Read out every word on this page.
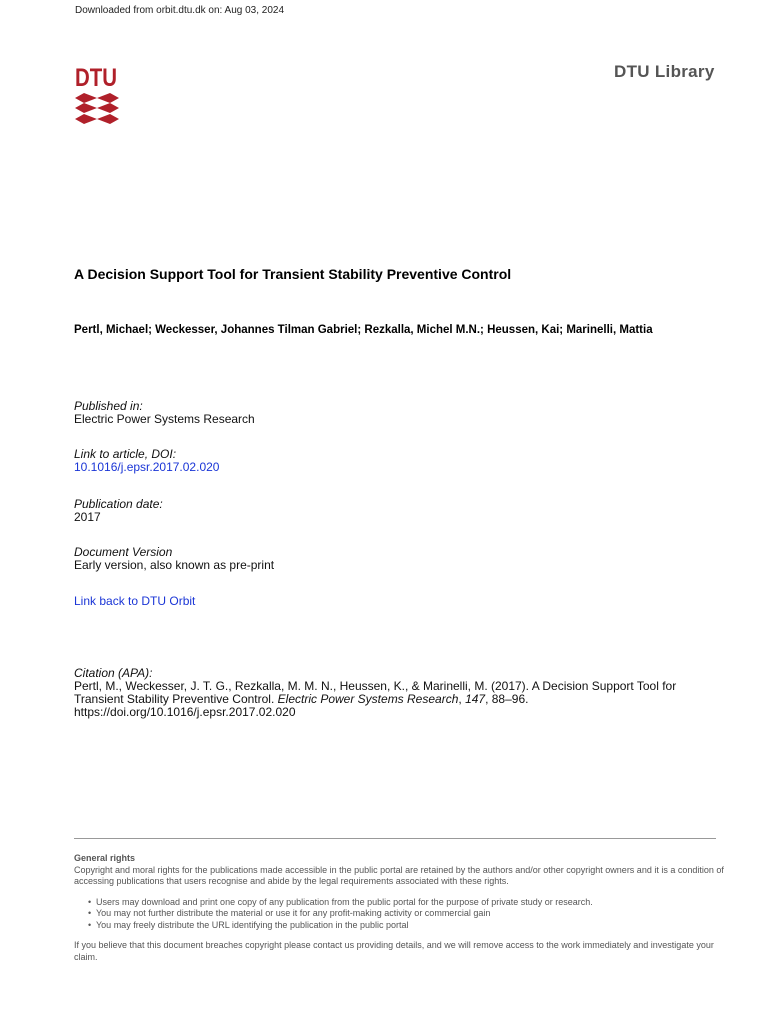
Downloaded from orbit.dtu.dk on: Aug 03, 2024
DTU	DTU Library
A Decision Support Tool for Transient Stability Preventive Control
Pertl, Michael; Weckesser, Johannes Tilman Gabriel; Rezkalla, Michel M.N.; Heussen, Kai; Marinelli, Mattia
Published in:
Electric Power Systems Research
Link to article, DOI:
10.1016/j.epsr.2017.02.020
Publication date:
2017
Document Version
Early version, also known as pre-print
Link back to DTU Orbit
Citation (APA):
Pertl, M., Weckesser, J. T. G., Rezkalla, M. M. N., Heussen, K., & Marinelli, M. (2017). A Decision Support Tool for Transient Stability Preventive Control. Electric Power Systems Research, 147, 88–96.
https://doi.org/10.1016/j.epsr.2017.02.020
General rights
Copyright and moral rights for the publications made accessible in the public portal are retained by the authors and/or other copyright owners and it is a condition of accessing publications that users recognise and abide by the legal requirements associated with these rights.
• Users may download and print one copy of any publication from the public portal for the purpose of private study or research.
• You may not further distribute the material or use it for any profit-making activity or commercial gain
• You may freely distribute the URL identifying the publication in the public portal
If you believe that this document breaches copyright please contact us providing details, and we will remove access to the work immediately and investigate your claim.
